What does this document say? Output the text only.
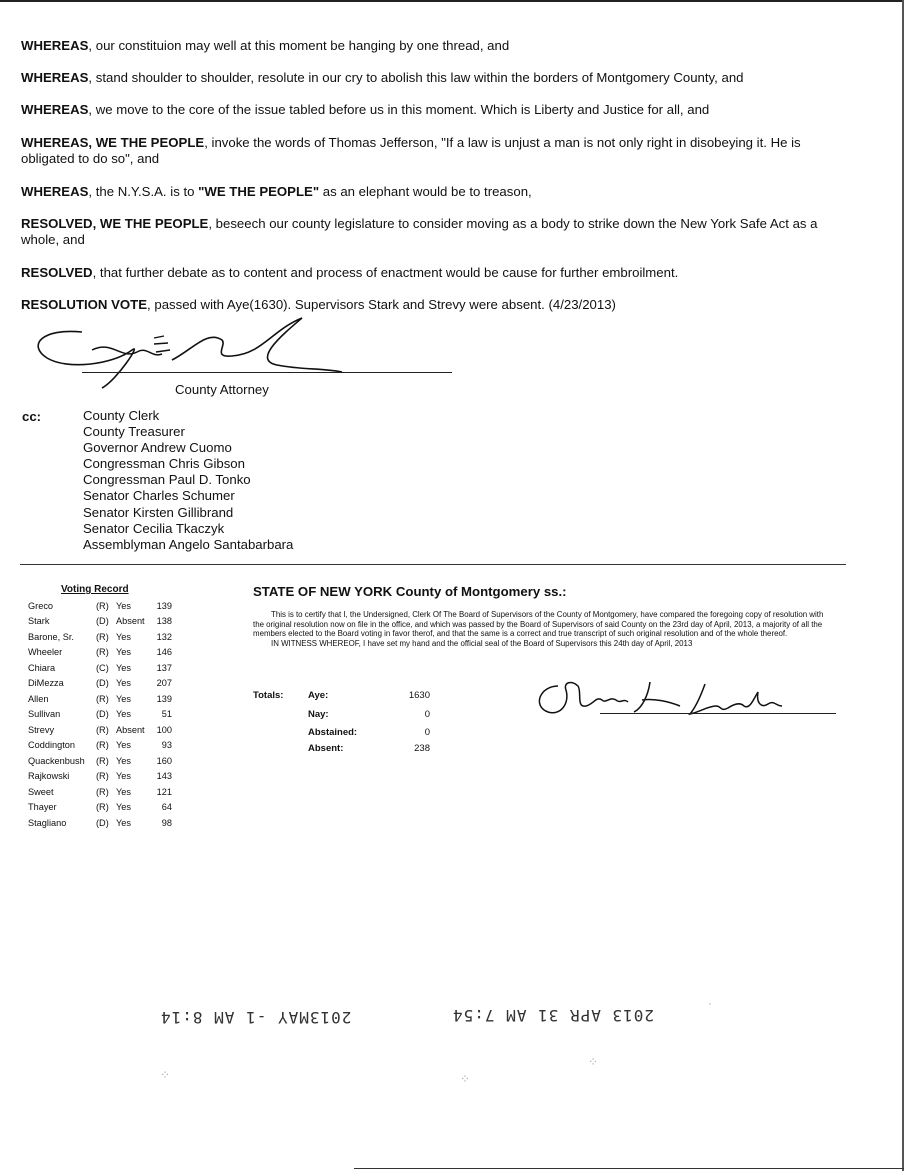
WHEREAS, our constituion may well at this moment be hanging by one thread, and
WHEREAS, stand shoulder to shoulder, resolute in our cry to abolish this law within the borders of Montgomery County, and
WHEREAS, we move to the core of the issue tabled before us in this moment. Which is Liberty and Justice for all, and
WHEREAS, WE THE PEOPLE, invoke the words of Thomas Jefferson, "If a law is unjust a man is not only right in disobeying it. He is obligated to do so", and
WHEREAS, the N.Y.S.A. is to "WE THE PEOPLE" as an elephant would be to treason,
RESOLVED, WE THE PEOPLE, beseech our county legislature to consider moving as a body to strike down the New York Safe Act as a whole, and
RESOLVED, that further debate as to content and process of enactment would be cause for further embroilment.
RESOLUTION VOTE, passed with Aye(1630). Supervisors Stark and Strevy were absent. (4/23/2013)
County Attorney
cc:	County Clerk
County Treasurer
Governor Andrew Cuomo
Congressman Chris Gibson
Congressman Paul D. Tonko
Senator Charles Schumer
Senator Kirsten Gillibrand
Senator Cecilia Tkaczyk
Assemblyman Angelo Santabarbara
Voting Record
Greco	(R)	Yes	139
Stark	(D)	Absent	138
Barone, Sr.	(R)	Yes	132
Wheeler	(R)	Yes	146
Chiara	(C)	Yes	137
DiMezza	(D)	Yes	207
Allen	(R)	Yes	139
Sullivan	(D)	Yes	51
Strevy	(R)	Absent	100
Coddington	(R)	Yes	93
Quackenbush	(R)	Yes	160
Rajkowski	(R)	Yes	143
Sweet	(R)	Yes	121
Thayer	(R)	Yes	64
Stagliano	(D)	Yes	98
STATE OF NEW YORK County of Montgomery ss.:

This is to certify that I, the Undersigned, Clerk Of The Board of Supervisors of the County of Montgomery, have compared the foregoing copy of resolution with the original resolution now on file in the office, and which was passed by the Board of Supervisors of said County on the 23rd day of April, 2013, a majority of all the members elected to the Board voting in favor therof, and that the same is a correct and true transcript of such original resolution and of the whole thereof.

IN WITNESS WHEREOF, I have set my hand and the official seal of the Board of Supervisors this 24th day of April, 2013

Totals:	Aye:	1630
Nay:	0
Abstained:	0
Absent:	238
2013MAY -1 AM 8:14	2013 APR 31 AM 7:54
⁘	⁘
⁘
·
